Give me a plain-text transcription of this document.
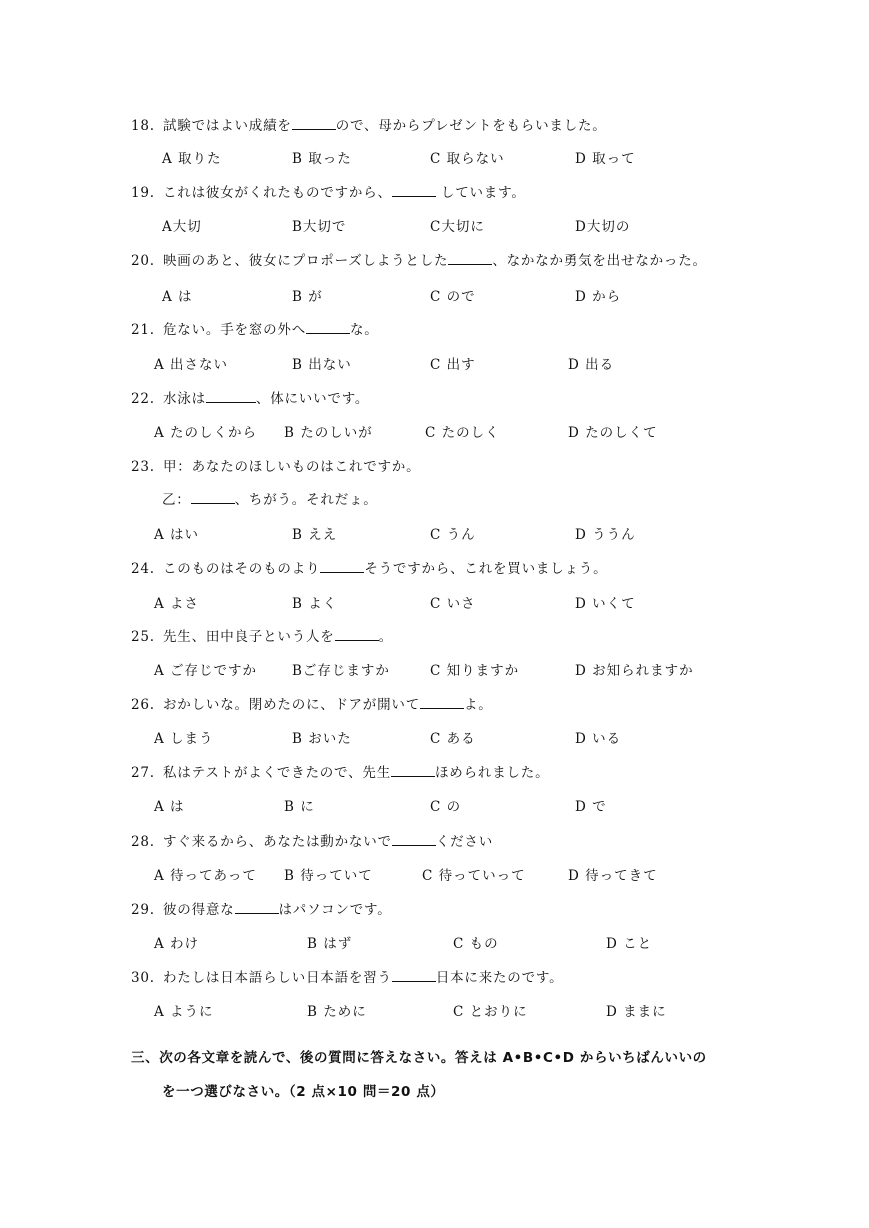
18. 試験ではよい成績を	ので、母からプレゼントをもらいました。
A 取りた	B 取った	C 取らない	D 取って
19. これは彼女がくれたものですから、	しています。
A大切	B大切で	C大切に	D大切の
20. 映画のあと、彼女にプロポーズしようとした	、なかなか勇気を出せなかった。
A は	B が	C ので	D から
21. 危ない。手を窓の外へ	な。
A 出さない	B 出ない	C 出す	D 出る
22. 水泳は	、体にいいです。
A たのしくから B たのしいが	C たのしく	D たのしくて
23. 甲：あなたのほしいものはこれですか。
乙：	、ちがう。それだょ。
A はい	B ええ	C うん	D ううん
24. このものはそのものより	そうですから、これを買いましょう。
A よさ	B よく	C いさ	D いくて
25. 先生、田中良子という人を	。
A ご存じですか	Bご存じますか	C 知りますか	D お知られますか
26. おかしいな。閉めたのに、ドアが開いて	よ。
A しまう	B おいた	C ある	D いる
27. 私はテストがよくできたので、先生	ほめられました。
A は	B に	C の	D で
28. すぐ来るから、あなたは動かないで	ください
A 待ってあって B 待っていて	C 待っていって	D 待ってきて
29. 彼の得意な	はパソコンです。
A わけ	B はず	C もの	D こと
30. わたしは日本語らしい日本語を習う	日本に来たのです。
A ように	B ために	C とおりに	D ままに
三、次の各文章を読んで、後の質問に答えなさい。答えは A•B•C•D からいちばんいいの
を一つ選びなさい。（2 点×10 問＝20 点）
